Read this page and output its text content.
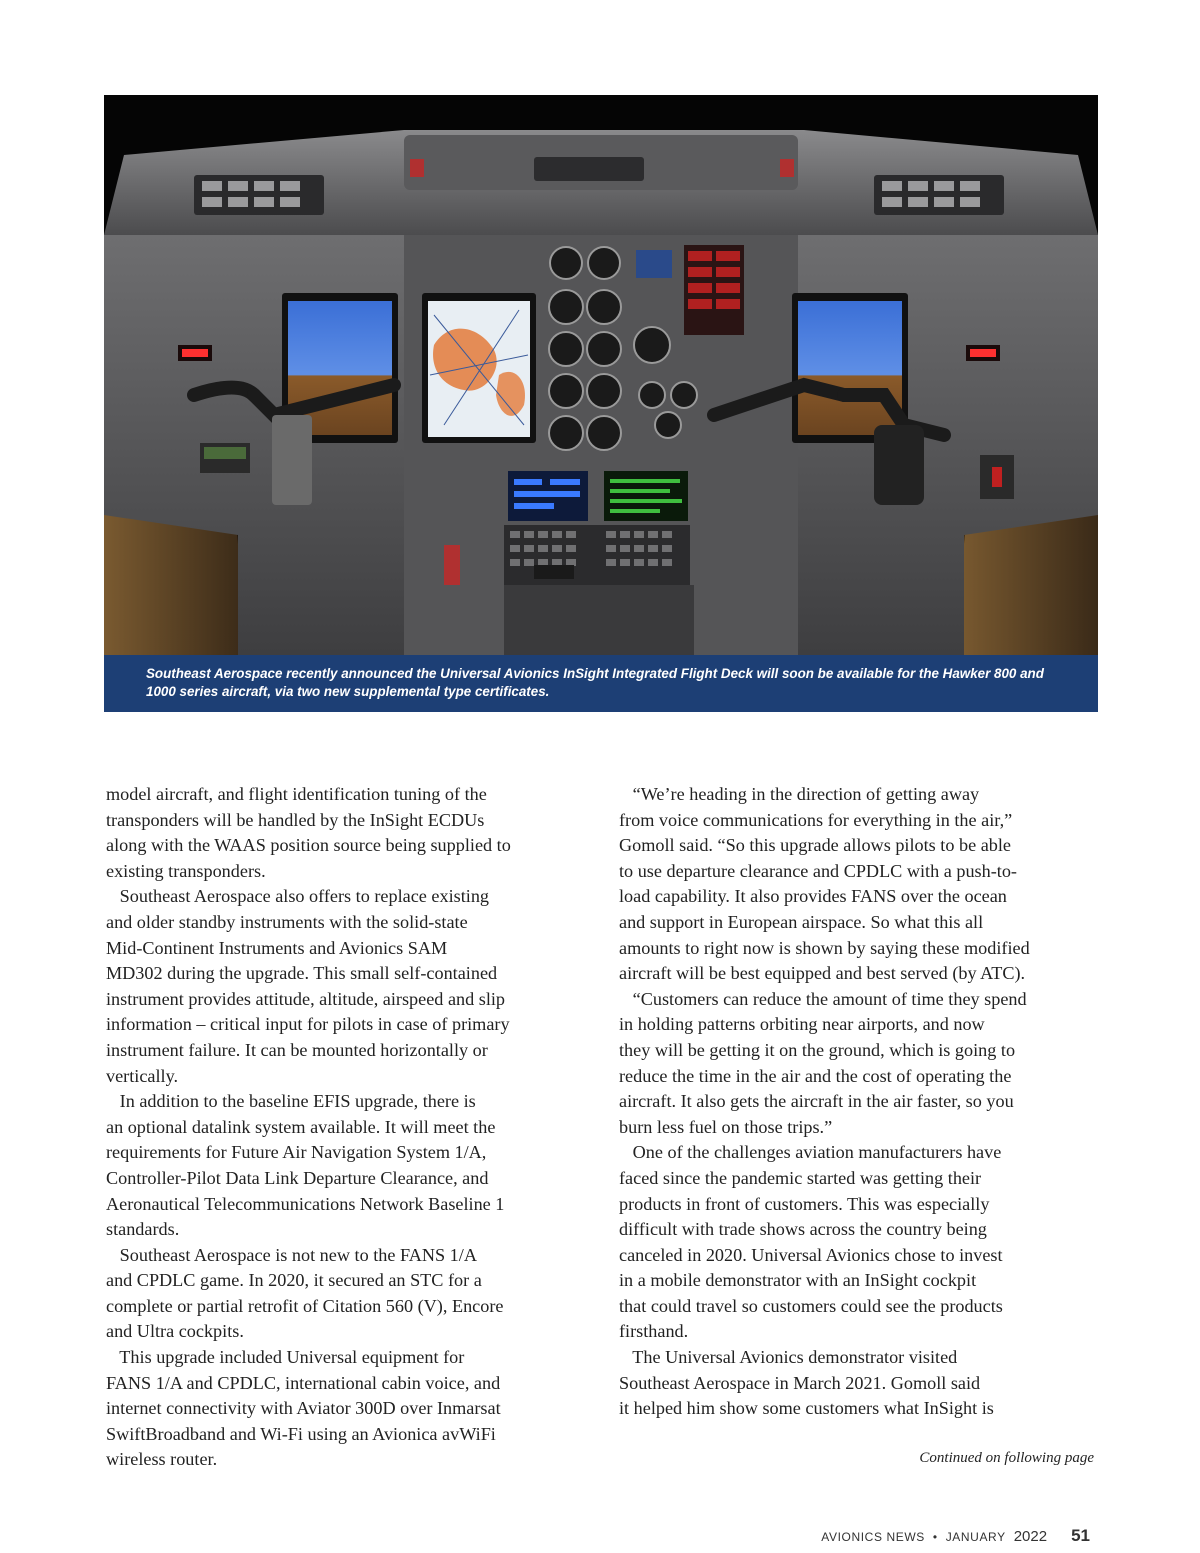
Southeast Aerospace recently announced the Universal Avionics InSight Integrated Flight Deck will soon be available for the Hawker 800 and
1000 series aircraft, via two new supplemental type certificates.
model aircraft, and flight identification tuning of the
transponders will be handled by the InSight ECDUs
along with the WAAS position source being supplied to
existing transponders.
Southeast Aerospace also offers to replace existing
and older standby instruments with the solid-state
Mid-Continent Instruments and Avionics SAM
MD302 during the upgrade. This small self-contained
instrument provides attitude, altitude, airspeed and slip
information – critical input for pilots in case of primary
instrument failure. It can be mounted horizontally or
vertically.
In addition to the baseline EFIS upgrade, there is
an optional datalink system available. It will meet the
requirements for Future Air Navigation System 1/A,
Controller-Pilot Data Link Departure Clearance, and
Aeronautical Telecommunications Network Baseline 1
standards.
Southeast Aerospace is not new to the FANS 1/A
and CPDLC game. In 2020, it secured an STC for a
complete or partial retrofit of Citation 560 (V), Encore
and Ultra cockpits.
This upgrade included Universal equipment for
FANS 1/A and CPDLC, international cabin voice, and
internet connectivity with Aviator 300D over Inmarsat
SwiftBroadband and Wi-Fi using an Avionica avWiFi
wireless router.
“We’re heading in the direction of getting away
from voice communications for everything in the air,”
Gomoll said. “So this upgrade allows pilots to be able
to use departure clearance and CPDLC with a push-to-
load capability. It also provides FANS over the ocean
and support in European airspace. So what this all
amounts to right now is shown by saying these modified
aircraft will be best equipped and best served (by ATC).
“Customers can reduce the amount of time they spend
in holding patterns orbiting near airports, and now
they will be getting it on the ground, which is going to
reduce the time in the air and the cost of operating the
aircraft. It also gets the aircraft in the air faster, so you
burn less fuel on those trips.”
One of the challenges aviation manufacturers have
faced since the pandemic started was getting their
products in front of customers. This was especially
difficult with trade shows across the country being
canceled in 2020. Universal Avionics chose to invest
in a mobile demonstrator with an InSight cockpit
that could travel so customers could see the products
firsthand.
The Universal Avionics demonstrator visited
Southeast Aerospace in March 2021. Gomoll said
it helped him show some customers what InSight is
Continued on following page
AVIONICS NEWS • JANUARY 2022 51
